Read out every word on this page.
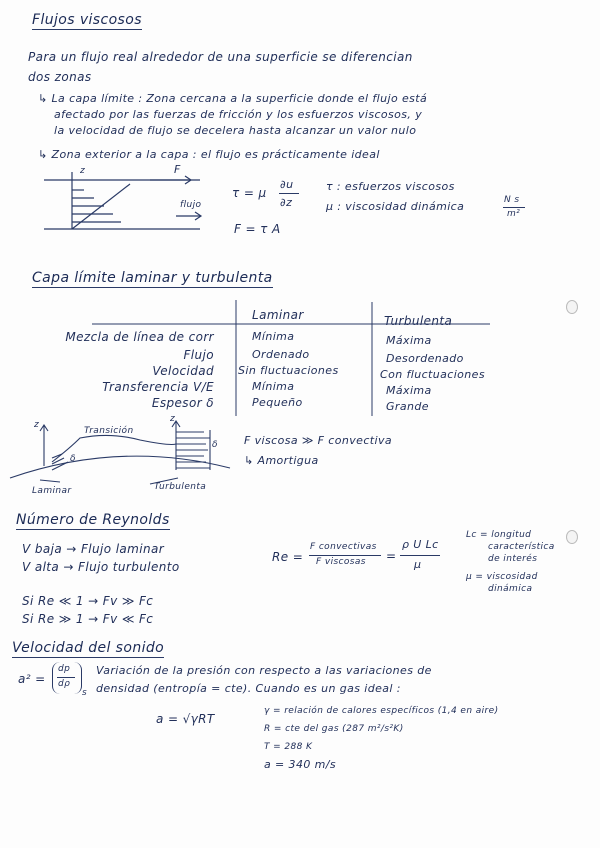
Flujos viscosos
Para un flujo real alrededor de una superficie se diferencian
dos zonas
↳ La capa límite : Zona cercana a la superficie donde el flujo está
afectado por las fuerzas de fricción y los esfuerzos viscosos, y
la velocidad de flujo se decelera hasta alcanzar un valor nulo
↳ Zona exterior a la capa : el flujo es prácticamente ideal
z	F
flujo
τ = μ
∂u
∂z
F = τ A
τ : esfuerzos viscosos
μ : viscosidad dinámica	N s
m²
Capa límite laminar y turbulenta
Laminar	Turbulenta
Mezcla de línea de corr	Mínima	Máxima
Flujo	Ordenado	Desordenado
Velocidad Sin fluctuaciones	Con fluctuaciones
Transferencia V/E	Mínima	Máxima
Espesor δ	Pequeño	Grande
z
z
Transición
Laminar	Turbulenta
δ
δ F viscosa ≫ F convectiva
↳ Amortigua
Número de Reynolds
V baja → Flujo laminar
V alta → Flujo turbulento
Re =
F convectivas
F viscosas =
ρ U Lc
μ
Lc = longitud
característica
de interés
μ = viscosidad
dinámica
Si Re ≪ 1 → Fv ≫ Fc
Si Re ≫ 1 → Fv ≪ Fc
Velocidad del sonido
a² =
dp
dρ
s
Variación de la presión con respecto a las variaciones de
densidad (entropía = cte). Cuando es un gas ideal :
a = √γRT
γ = relación de calores específicos (1,4 en aire)
R = cte del gas (287 m²/s²K)
T = 288 K
a = 340 m/s
